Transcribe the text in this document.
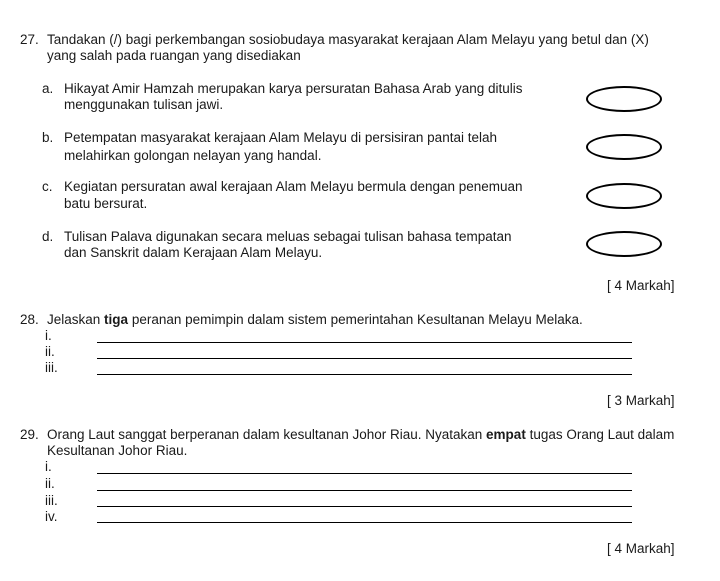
27. Tandakan (/) bagi perkembangan sosiobudaya masyarakat kerajaan Alam Melayu yang betul dan (X)
yang salah pada ruangan yang disediakan
a. Hikayat Amir Hamzah merupakan karya persuratan Bahasa Arab yang ditulis
menggunakan tulisan jawi.
b. Petempatan masyarakat kerajaan Alam Melayu di persisiran pantai telah
melahirkan golongan nelayan yang handal.
c. Kegiatan persuratan awal kerajaan Alam Melayu bermula dengan penemuan
batu bersurat.
d. Tulisan Palava digunakan secara meluas sebagai tulisan bahasa tempatan
dan Sanskrit dalam Kerajaan Alam Melayu.
[ 4 Markah]
28. Jelaskan tiga peranan pemimpin dalam sistem pemerintahan Kesultanan Melayu Melaka.
i.
ii.
iii.
[ 3 Markah]
29. Orang Laut sanggat berperanan dalam kesultanan Johor Riau. Nyatakan empat tugas Orang Laut dalam
Kesultanan Johor Riau.
i.
ii.
iii.
iv.
[ 4 Markah]
